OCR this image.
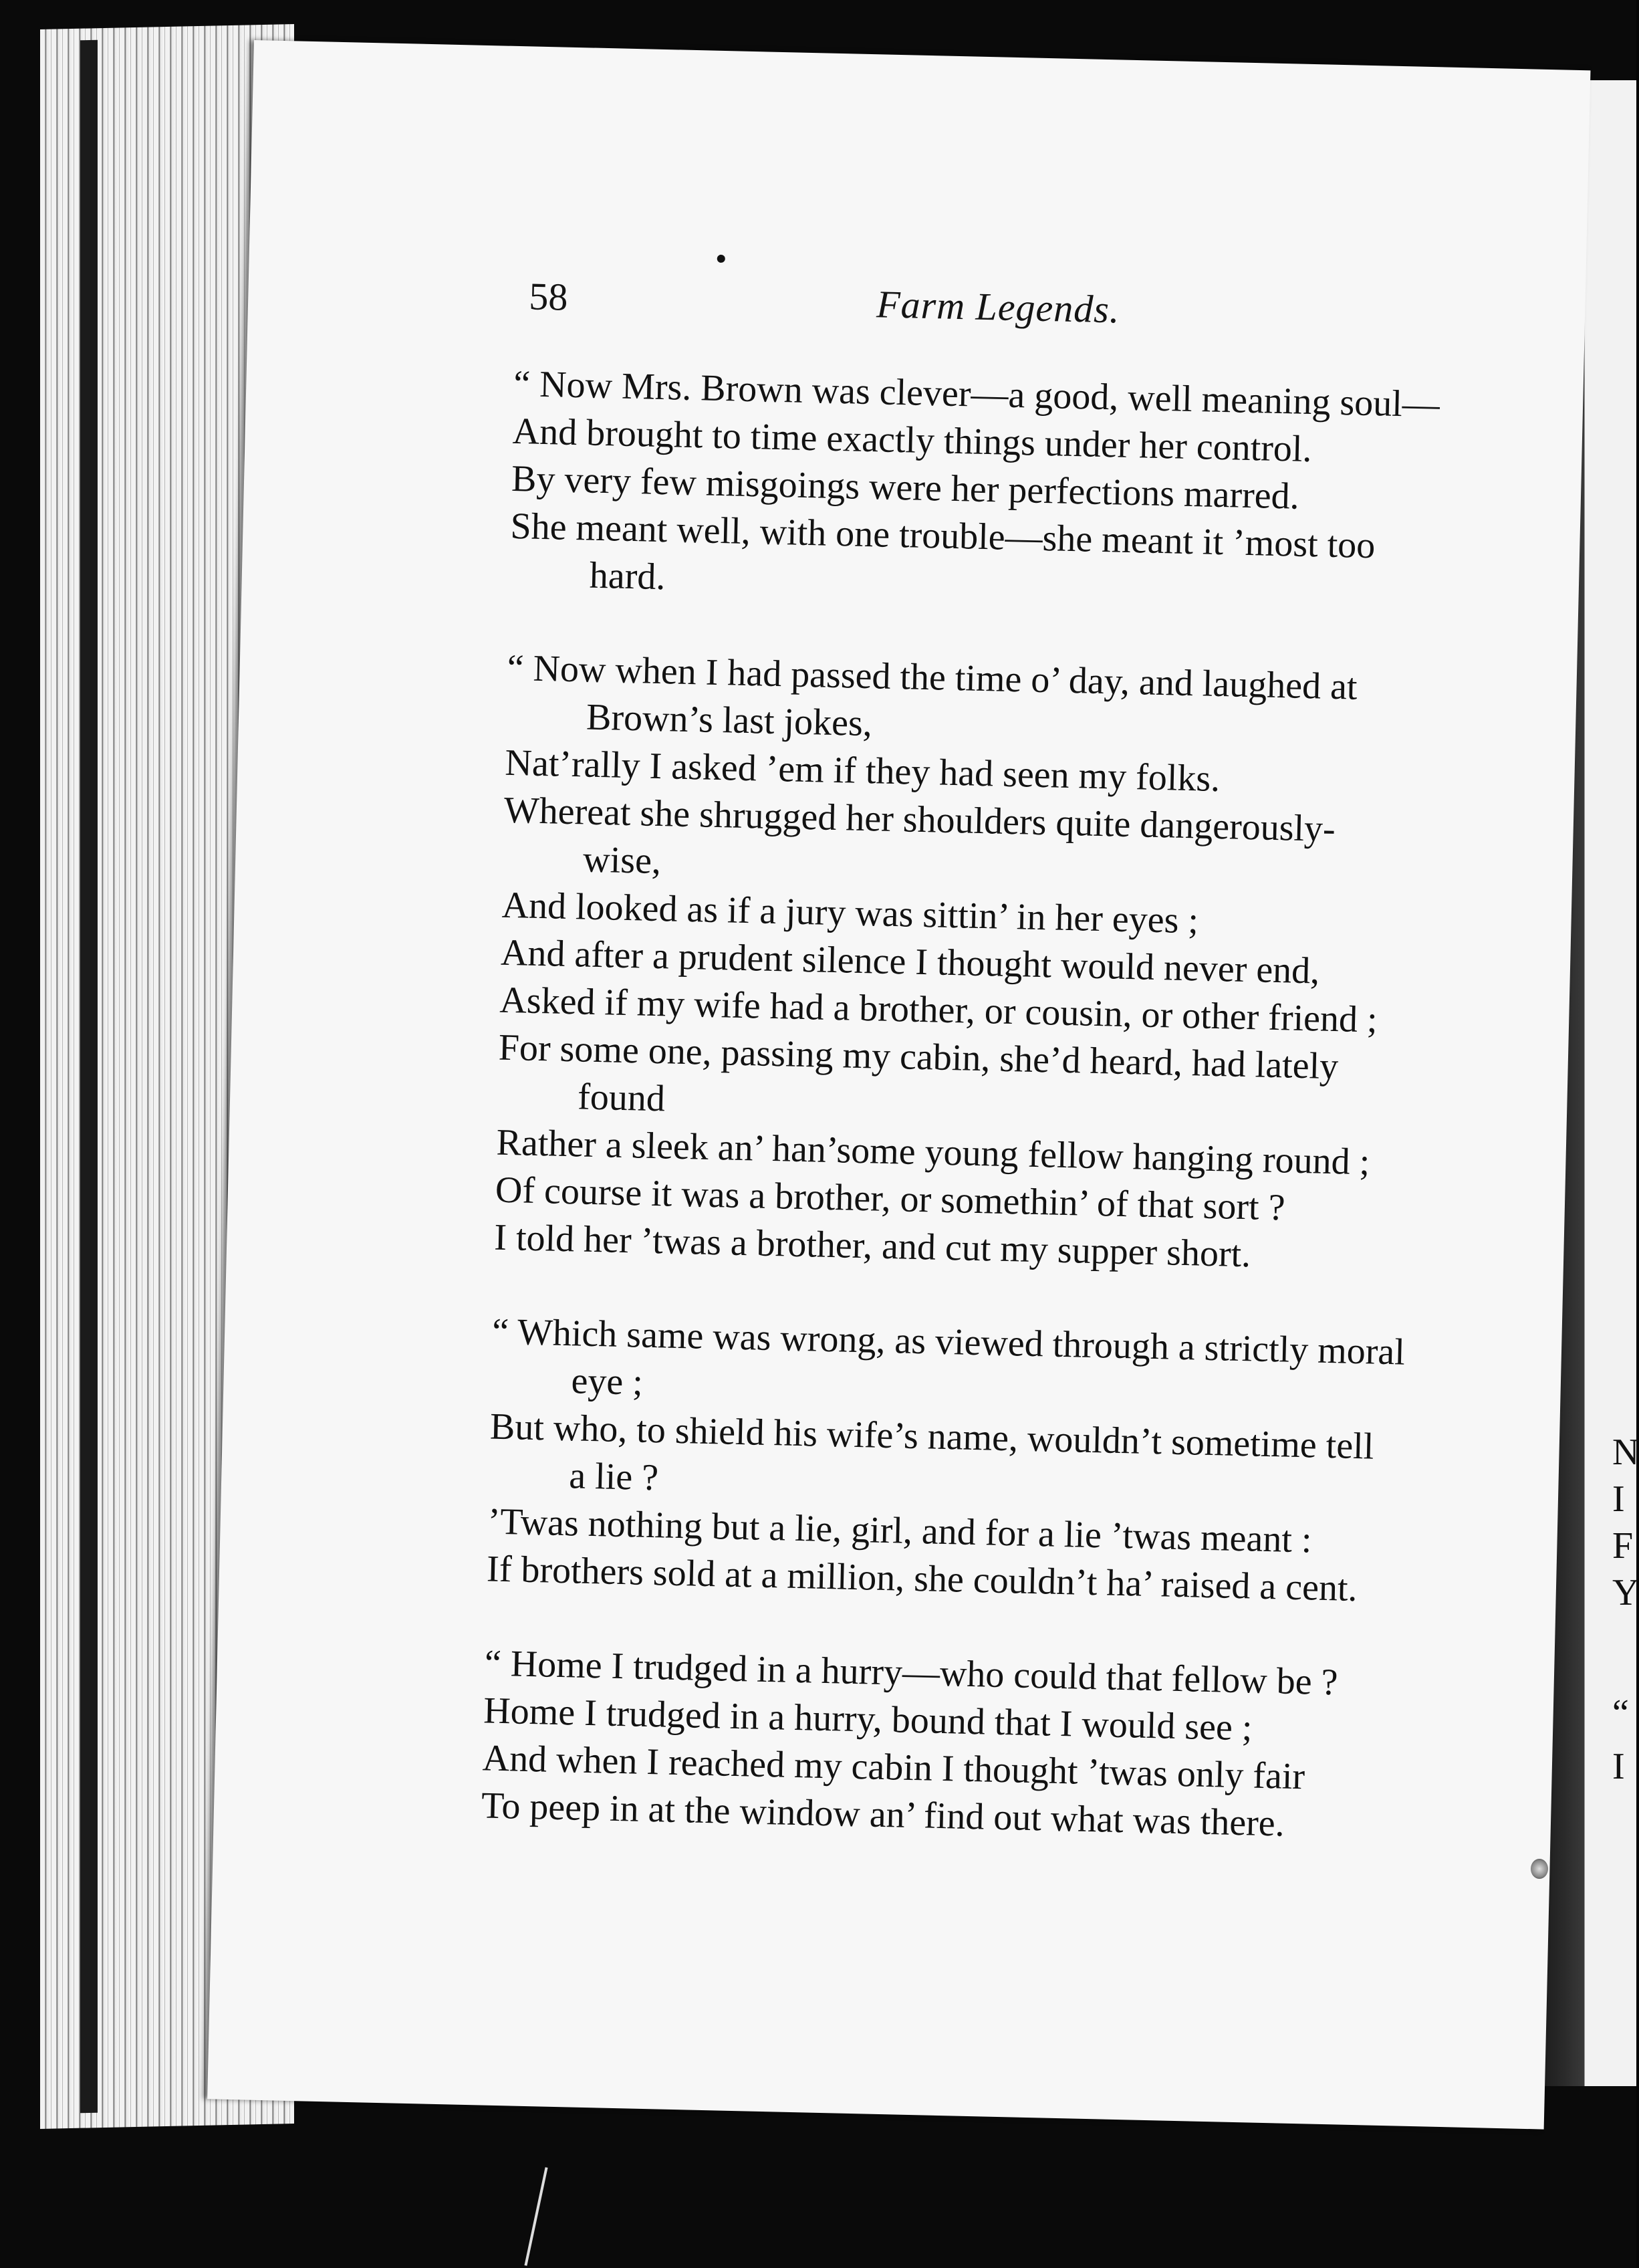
N
I
F
Y
“
I
58	Farm Legends.
“ Now Mrs. Brown was clever—a good, well meaning soul—
And brought to time exactly things under her control.
By very few misgoings were her perfections marred.
She meant well, with one trouble—she meant it ’most too
hard.
“ Now when I had passed the time o’ day, and laughed at
Brown’s last jokes,
Nat’rally I asked ’em if they had seen my folks.
Whereat she shrugged her shoulders quite dangerously-
wise,
And looked as if a jury was sittin’ in her eyes ;
And after a prudent silence I thought would never end,
Asked if my wife had a brother, or cousin, or other friend ;
For some one, passing my cabin, she’d heard, had lately
found
Rather a sleek an’ han’some young fellow hanging round ;
Of course it was a brother, or somethin’ of that sort ?
I told her ’twas a brother, and cut my supper short.
“ Which same was wrong, as viewed through a strictly moral
eye ;
But who, to shield his wife’s name, wouldn’t sometime tell
a lie ?
’Twas nothing but a lie, girl, and for a lie ’twas meant :
If brothers sold at a million, she couldn’t ha’ raised a cent.
“ Home I trudged in a hurry—who could that fellow be ?
Home I trudged in a hurry, bound that I would see ;
And when I reached my cabin I thought ’twas only fair
To peep in at the window an’ find out what was there.
